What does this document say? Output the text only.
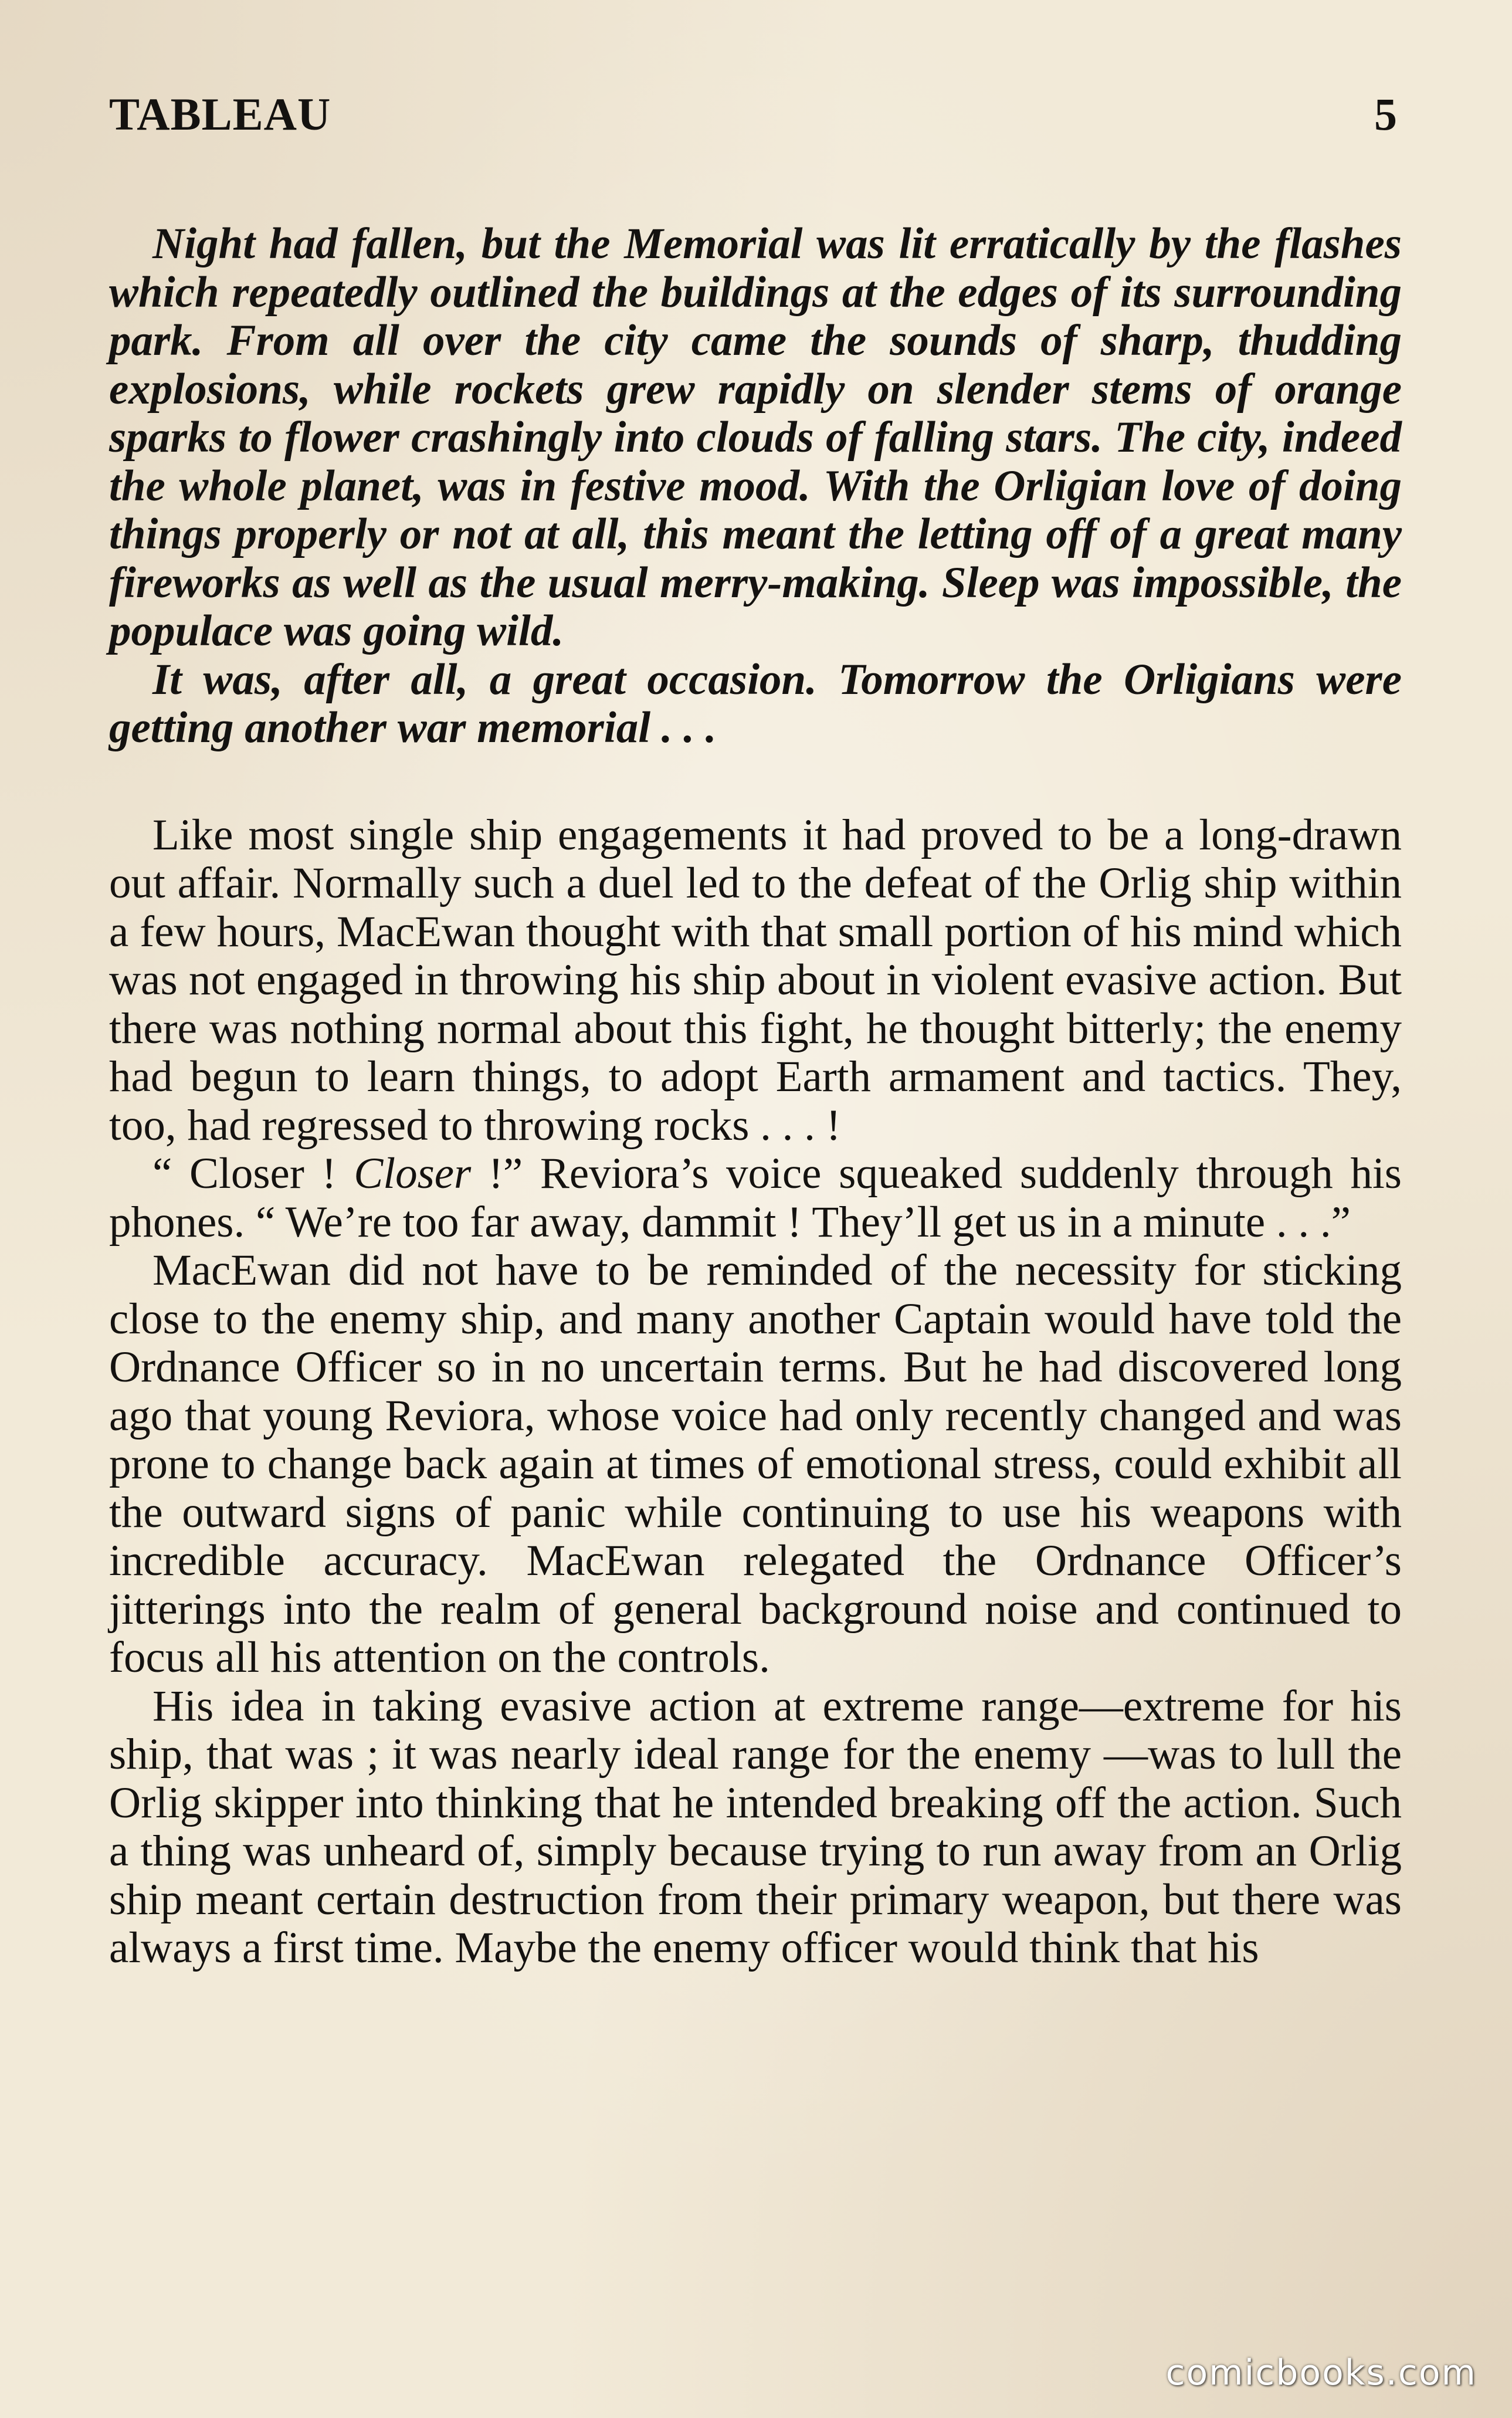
TABLEAU	5

Night had fallen, but the Memorial was lit erratically by the flashes which repeatedly outlined the buildings at the edges of its surrounding park. From all over the city came the sounds of sharp, thudding explosions, while rockets grew rapidly on slender stems of orange sparks to flower crashingly into clouds of falling stars. The city, indeed the whole planet, was in festive mood. With the Orligian love of doing things properly or not at all, this meant the letting off of a great many fireworks as well as the usual merry-making. Sleep was impossible, the populace was going wild.

It was, after all, a great occasion. Tomorrow the Orligians were getting another war memorial . . .

Like most single ship engagements it had proved to be a long-drawn out affair. Normally such a duel led to the defeat of the Orlig ship within a few hours, MacEwan thought with that small portion of his mind which was not engaged in throwing his ship about in violent evasive action. But there was nothing normal about this fight, he thought bitterly; the enemy had begun to learn things, to adopt Earth armament and tactics. They, too, had regressed to throwing rocks . . . !

“ Closer ! Closer !” Reviora’s voice squeaked suddenly through his phones. “ We’re too far away, dammit ! They’ll get us in a minute . . .”

MacEwan did not have to be reminded of the necessity for sticking close to the enemy ship, and many another Captain would have told the Ordnance Officer so in no uncertain terms. But he had discovered long ago that young Reviora, whose voice had only recently changed and was prone to change back again at times of emotional stress, could exhibit all the outward signs of panic while continuing to use his weapons with incredible accuracy. MacEwan relegated the Ordnance Officer’s jitterings into the realm of general background noise and continued to focus all his attention on the controls.

His idea in taking evasive action at extreme range—extreme for his ship, that was ; it was nearly ideal range for the enemy —was to lull the Orlig skipper into thinking that he intended breaking off the action. Such a thing was unheard of, simply because trying to run away from an Orlig ship meant certain destruction from their primary weapon, but there was always a first time. Maybe the enemy officer would think that his

comicbooks.com
